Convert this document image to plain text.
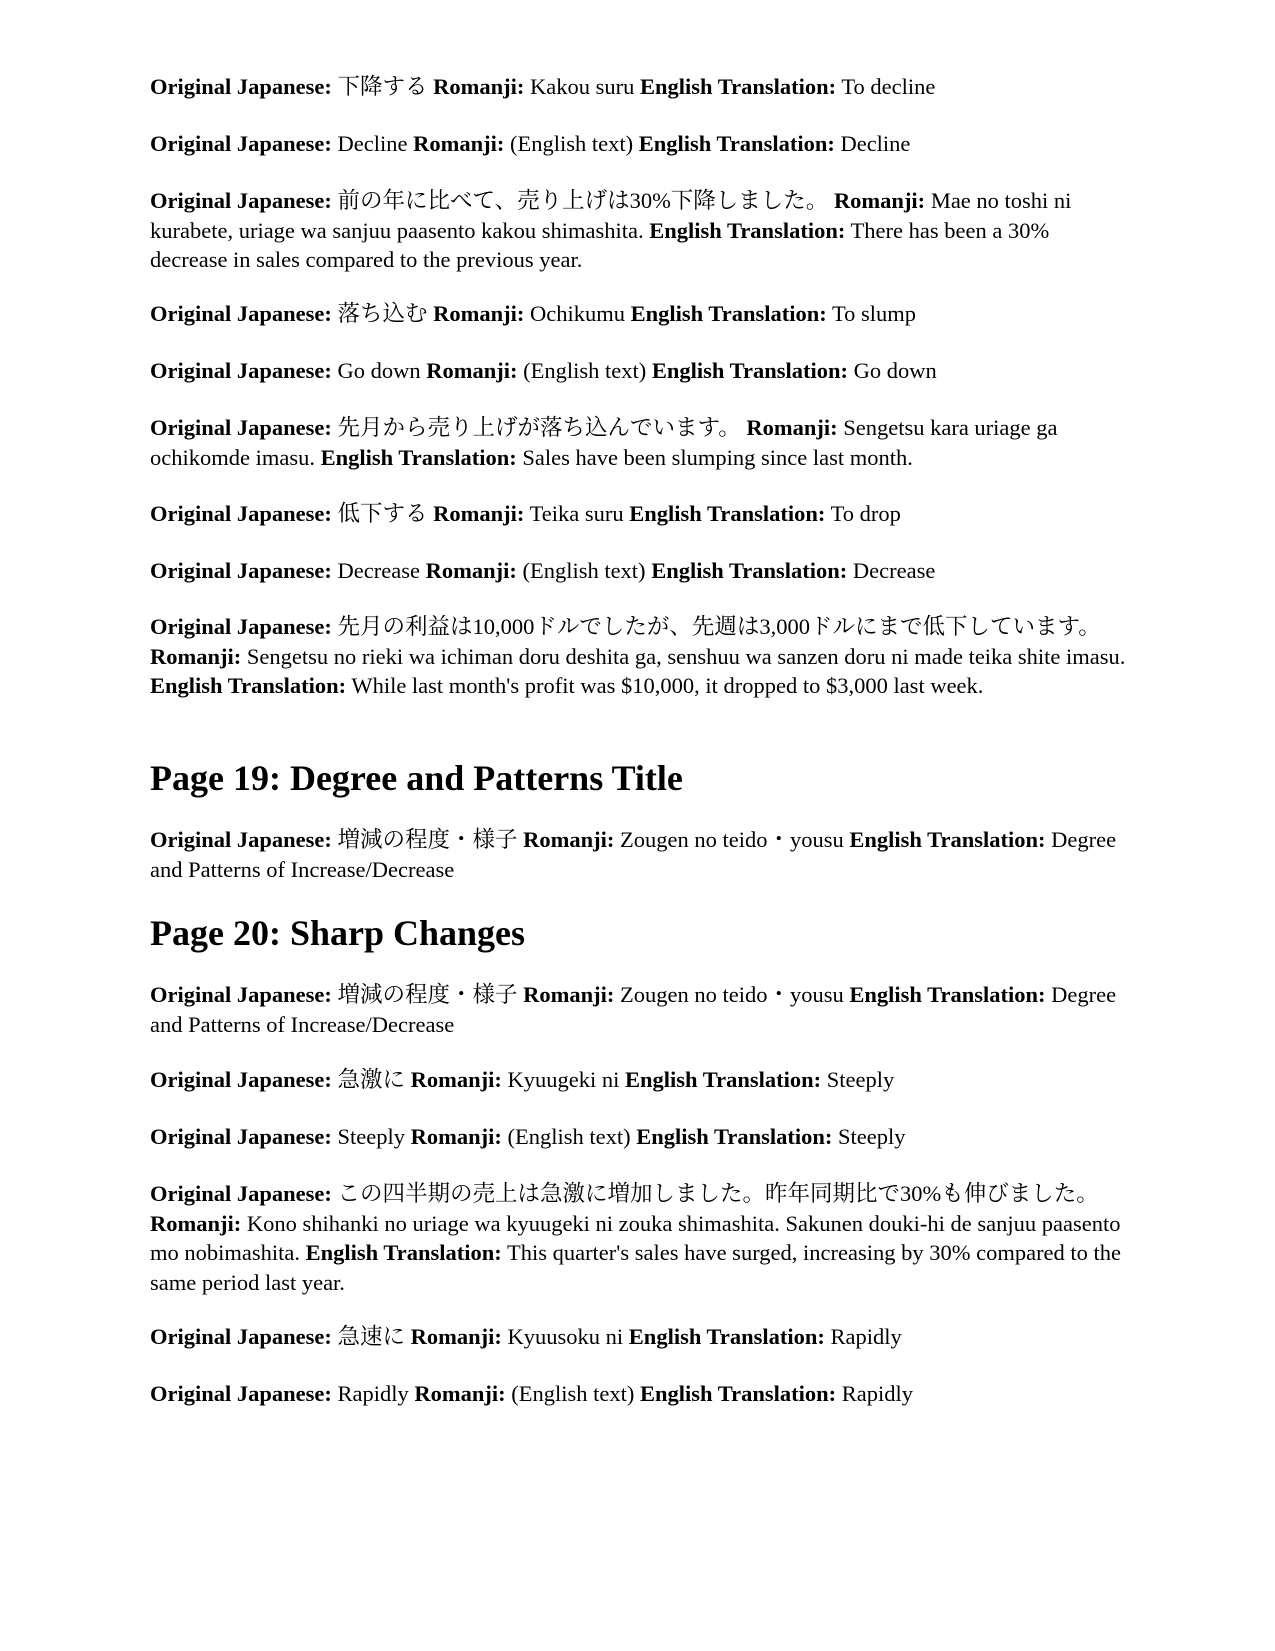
Original Japanese: 下降する Romanji: Kakou suru English Translation: To decline

Original Japanese: Decline Romanji: (English text) English Translation: Decline

Original Japanese: 前の年に比べて、売り上げは30%下降しました。 Romanji: Mae no toshi ni kurabete, uriage wa sanjuu paasento kakou shimashita. English Translation: There has been a 30% decrease in sales compared to the previous year.

Original Japanese: 落ち込む Romanji: Ochikumu English Translation: To slump

Original Japanese: Go down Romanji: (English text) English Translation: Go down

Original Japanese: 先月から売り上げが落ち込んでいます。 Romanji: Sengetsu kara uriage ga ochikomde imasu. English Translation: Sales have been slumping since last month.

Original Japanese: 低下する Romanji: Teika suru English Translation: To drop

Original Japanese: Decrease Romanji: (English text) English Translation: Decrease

Original Japanese: 先月の利益は10,000ドルでしたが、先週は3,000ドルにまで低下しています。 Romanji: Sengetsu no rieki wa ichiman doru deshita ga, senshuu wa sanzen doru ni made teika shite imasu. English Translation: While last month's profit was $10,000, it dropped to $3,000 last week.

Page 19: Degree and Patterns Title

Original Japanese: 増減の程度・様子 Romanji: Zougen no teido・yousu English Translation: Degree and Patterns of Increase/Decrease

Page 20: Sharp Changes

Original Japanese: 増減の程度・様子 Romanji: Zougen no teido・yousu English Translation: Degree and Patterns of Increase/Decrease

Original Japanese: 急激に Romanji: Kyuugeki ni English Translation: Steeply

Original Japanese: Steeply Romanji: (English text) English Translation: Steeply

Original Japanese: この四半期の売上は急激に増加しました。昨年同期比で30%も伸びました。 Romanji: Kono shihanki no uriage wa kyuugeki ni zouka shimashita. Sakunen douki-hi de sanjuu paasento mo nobimashita. English Translation: This quarter's sales have surged, increasing by 30% compared to the same period last year.

Original Japanese: 急速に Romanji: Kyuusoku ni English Translation: Rapidly

Original Japanese: Rapidly Romanji: (English text) English Translation: Rapidly
